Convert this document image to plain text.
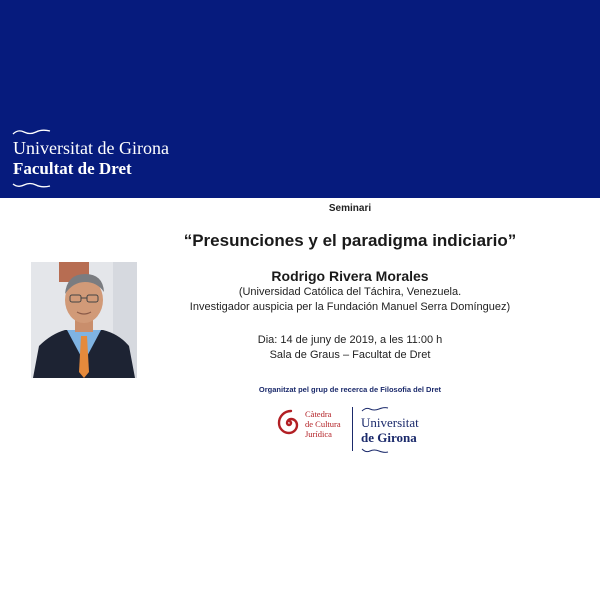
Universitat de Girona
Facultat de Dret
Seminari
“Presunciones y el paradigma indiciario”
Rodrigo Rivera Morales
(Universidad Católica del Táchira, Venezuela.
Investigador auspicia per la Fundación Manuel Serra Domínguez)
Dia: 14 de juny de 2019, a les 11:00 h
Sala de Graus – Facultat de Dret
Organitzat pel grup de recerca de Filosofia del Dret
Càtedra
de Cultura
Jurídica
Universitat
de Girona
